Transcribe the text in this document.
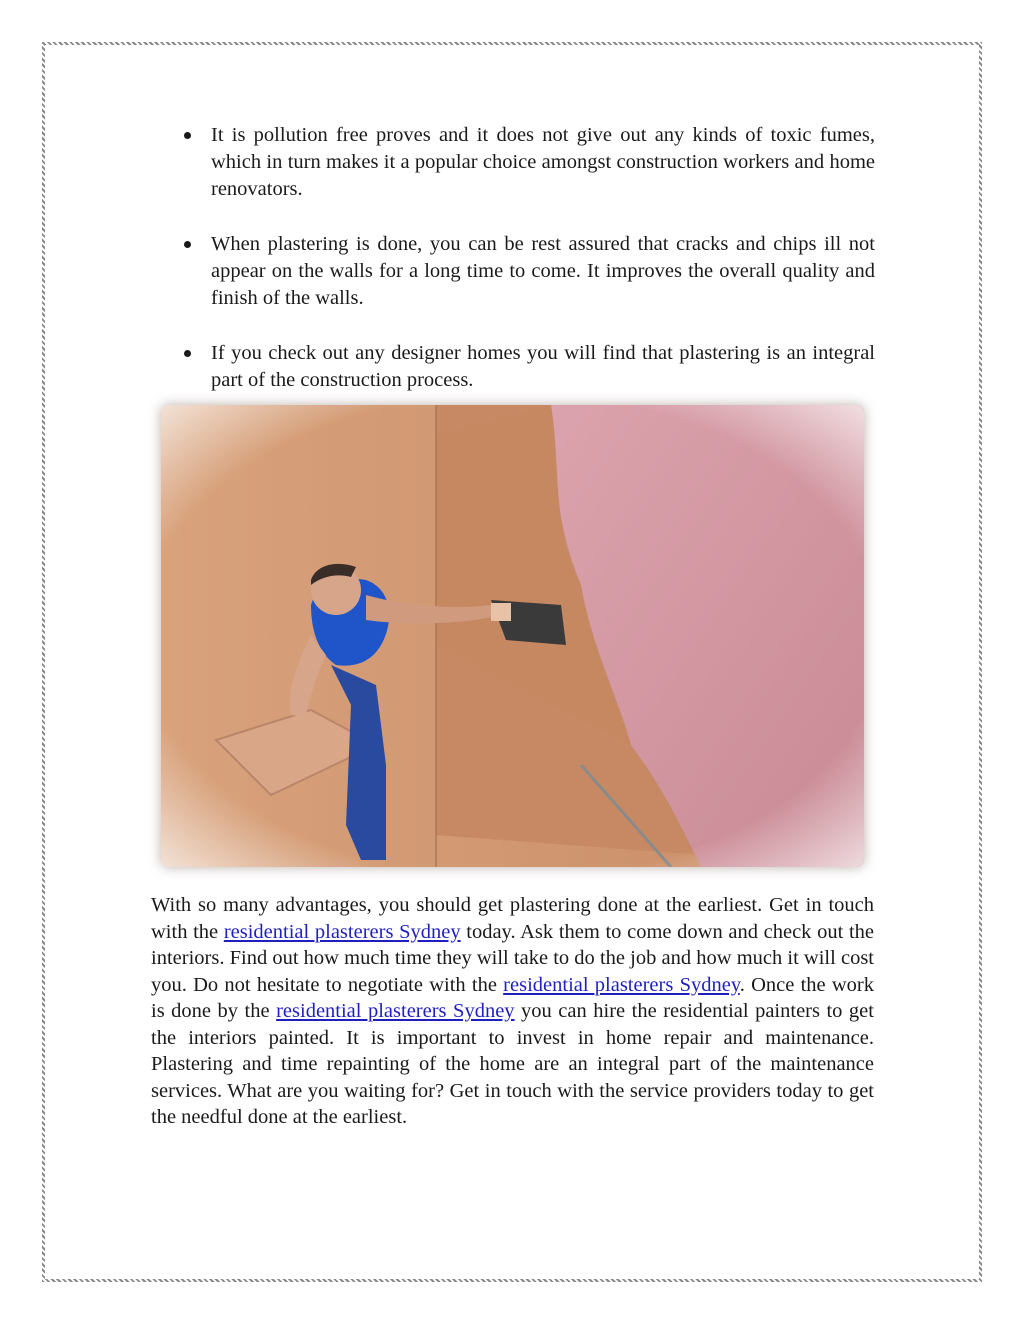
It is pollution free proves and it does not give out any kinds of toxic fumes, which in turn makes it a popular choice amongst construction workers and home renovators.
When plastering is done, you can be rest assured that cracks and chips ill not appear on the walls for a long time to come. It improves the overall quality and finish of the walls.
If you check out any designer homes you will find that plastering is an integral part of the construction process.

With so many advantages, you should get plastering done at the earliest. Get in touch with the residential plasterers Sydney today. Ask them to come down and check out the interiors. Find out how much time they will take to do the job and how much it will cost you. Do not hesitate to negotiate with the residential plasterers Sydney. Once the work is done by the residential plasterers Sydney you can hire the residential painters to get the interiors painted. It is important to invest in home repair and maintenance. Plastering and time repainting of the home are an integral part of the maintenance services. What are you waiting for? Get in touch with the service providers today to get the needful done at the earliest.
